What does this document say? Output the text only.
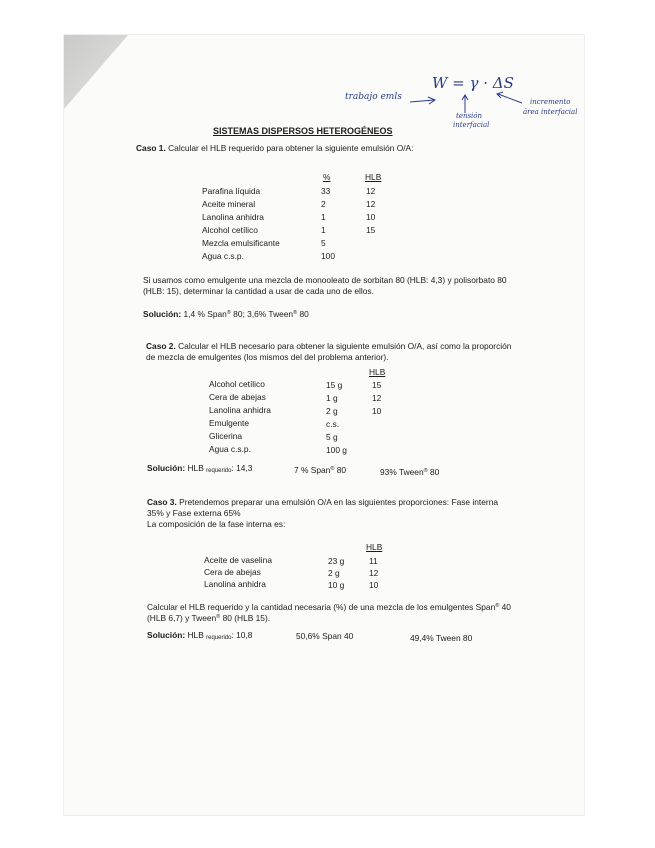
trabajo emls
W = γ · ΔS
tensión
interfacial
incremento
área interfacial
SISTEMAS DISPERSOS HETEROGÉNEOS
Caso 1. Calcular el HLB requerido para obtener la siguiente emulsión O/A:
%	HLB
Parafina líquida	33	12
Aceite mineral	2	12
Lanolina anhidra	1	10
Alcohol cetílico	1	15
Mezcla emulsificante	5
Agua c.s.p.	100
Si usamos como emulgente una mezcla de monooleato de sorbitan 80 (HLB: 4,3) y polisorbato 80
(HLB: 15), determinar la cantidad a usar de cada uno de ellos.
Solución: 1,4 % Span® 80; 3,6% Tween® 80
Caso 2. Calcular el HLB necesario para obtener la siguiente emulsión O/A, así como la proporción
de mezcla de emulgentes (los mismos del del problema anterior).
HLB
Alcohol cetílico	15 g	15
Cera de abejas	1 g	12
Lanolina anhidra	2 g	10
Emulgente	c.s.
Glicerina	5 g
Agua c.s.p.	100 g
Solución: HLB requerido: 14,3	7 % Span® 80	93% Tween® 80
Caso 3. Pretendemos preparar una emulsión O/A en las siguientes proporciones: Fase interna
35% y Fase externa 65%
La composición de la fase interna es:
HLB
Aceite de vaselina	23 g	11
Cera de abejas	2 g	12
Lanolina anhidra	10 g	10
Calcular el HLB requerido y la cantidad necesaria (%) de una mezcla de los emulgentes Span® 40
(HLB 6,7) y Tween® 80 (HLB 15).
Solución: HLB requerido: 10,8	50,6% Span 40	49,4% Tween 80
